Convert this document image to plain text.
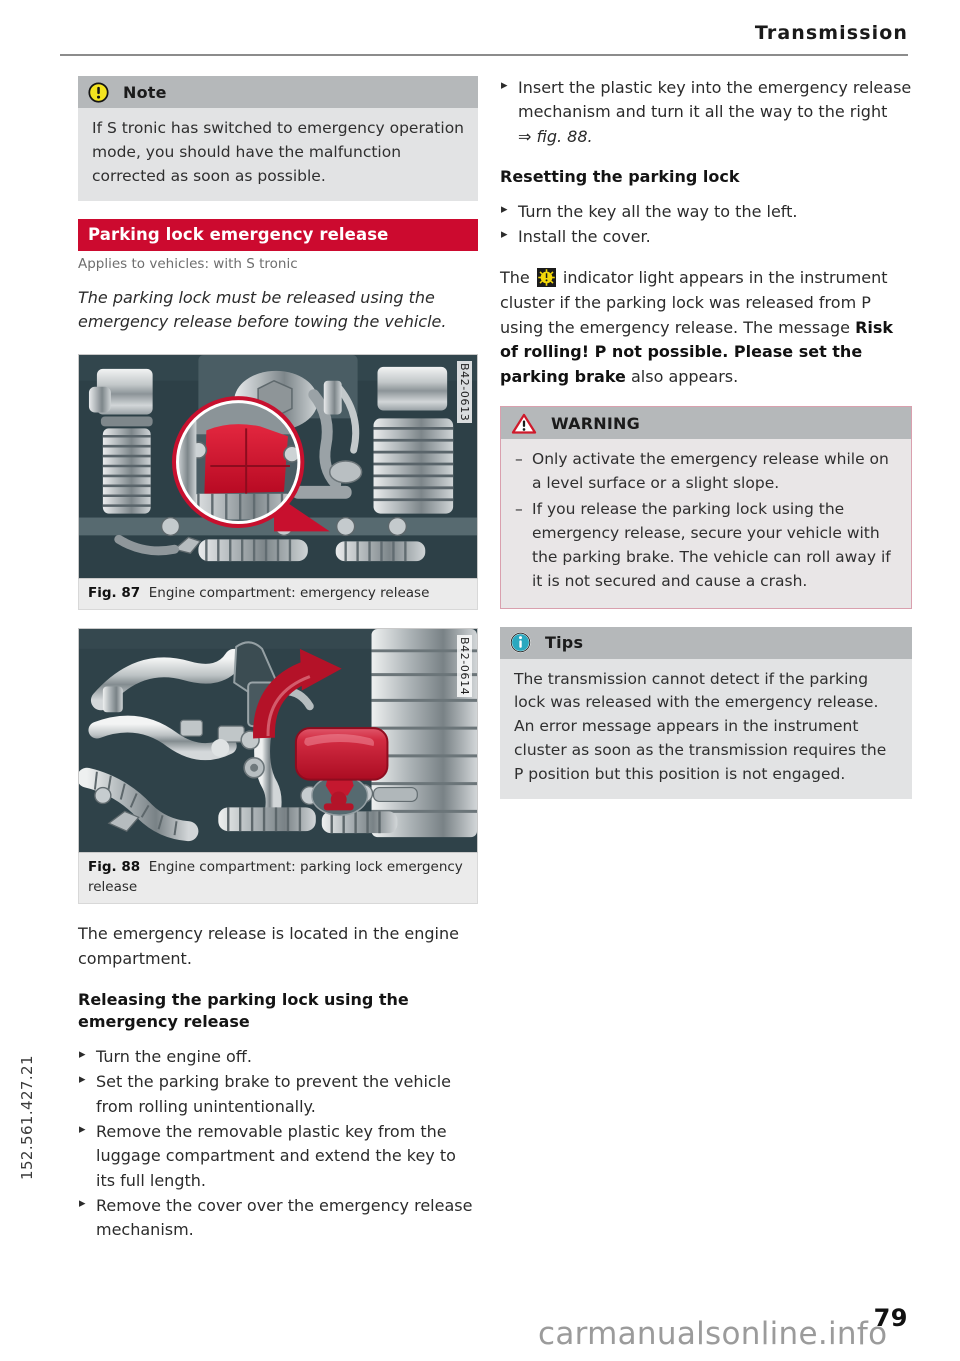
Transmission
Note
If S tronic has switched to emergency operation mode, you should have the malfunction corrected as soon as possible.
Parking lock emergency release
Applies to vehicles: with S tronic
The parking lock must be released using the emergency release before towing the vehicle.
B42-0613
Fig. 87 Engine compartment: emergency release
B42-0614
Fig. 88 Engine compartment: parking lock emergency release

The emergency release is located in the engine compartment.

Releasing the parking lock using the emergency release
▸ Turn the engine off.
▸ Set the parking brake to prevent the vehicle from rolling unintentionally.
▸ Remove the removable plastic key from the luggage compartment and extend the key to its full length.
▸ Remove the cover over the emergency release mechanism.
▸ Insert the plastic key into the emergency release mechanism and turn it all the way to the right ⇒ fig. 88.
Resetting the parking lock
▸ Turn the key all the way to the left.
▸ Install the cover.

The  indicator light appears in the instrument cluster if the parking lock was released from P using the emergency release. The message Risk of rolling! P not possible. Please set the parking brake also appears.

WARNING
– Only activate the emergency release while on a level surface or a slight slope.
– If you release the parking lock using the emergency release, secure your vehicle with the parking brake. The vehicle can roll away if it is not secured and cause a crash.
Tips
The transmission cannot detect if the parking lock was released with the emergency release. An error message appears in the instrument cluster as soon as the transmission requires the P position but this position is not engaged.
152.561.427.21
carmanualsonline.info
79
